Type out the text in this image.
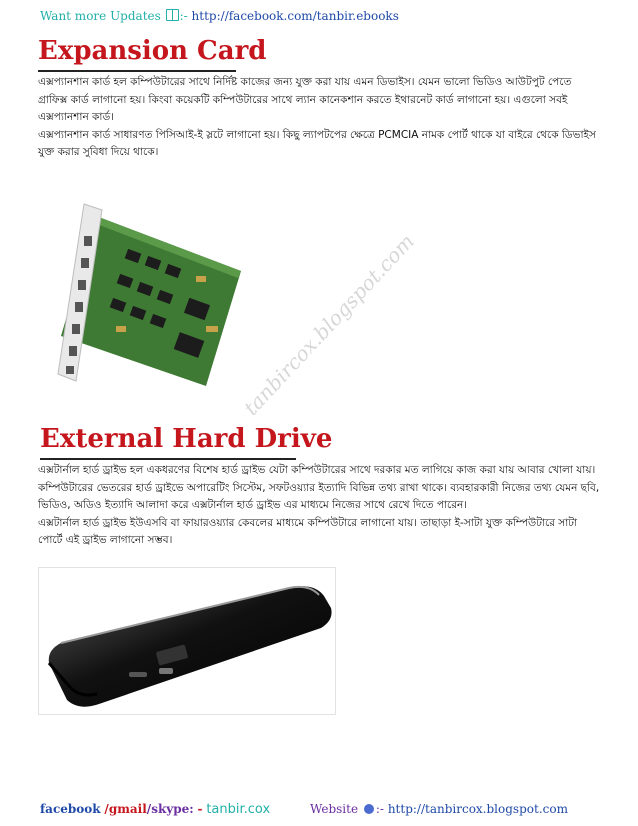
Want more Updates :- http://facebook.com/tanbir.ebooks
Expansion Card

এক্সপ্যানশান কার্ড হল কম্পিউটারের সাথে নির্দিষ্ট কাজের জন্য যুক্ত করা যায় এমন ডিভাইস। যেমন ভালো ভিডিও আউটপুট পেতে গ্রাফিক্স কার্ড লাগানো হয়। কিংবা কয়েকটি কম্পিউটারের সাথে ল্যান কানেকশান করতে ইথারনেট কার্ড লাগানো হয়। এগুলো সবই এক্সপ্যানশান কার্ড।

এক্সপ্যানশান কার্ড সাধারণত পিসিআই-ই স্লটে লাগানো হয়। কিছু ল্যাপটপের ক্ষেত্রে PCMCIA নামক পোর্ট থাকে যা বাইরে থেকে ডিভাইস যুক্ত করার সুবিধা দিয়ে থাকে।

tanbircox.blogspot.com
External Hard Drive

এক্সটার্নাল হার্ড ড্রাইভ হল একধরণের বিশেষ হার্ড ড্রাইভ যেটা কম্পিউটারের সাথে দরকার মত লাগিয়ে কাজ করা যায় আবার খোলা যায়। কম্পিউটারের ভেতরের হার্ড ড্রাইভে অপারেটিং সিস্টেম, সফটওয়্যার ইত্যাদি বিভিন্ন তথ্য রাখা থাকে। ব্যবহারকারী নিজের তথ্য যেমন ছবি, ভিডিও, অডিও ইত্যাদি আলাদা করে এক্সটার্নাল হার্ড ড্রাইভ এর মাধ্যমে নিজের সাথে রেখে দিতে পারেন।

এক্সটার্নাল হার্ড ড্রাইভ ইউএসবি বা ফায়ারওয়্যার কেবলের মাধ্যমে কম্পিউটারে লাগানো যায়। তাছাড়া ই-সাটা যুক্ত কম্পিউটারে সাটা পোর্টে এই ড্রাইভ লাগানো সম্ভব।

facebook /gmail/skype: - tanbir.cox	Website :- http://tanbircox.blogspot.com
